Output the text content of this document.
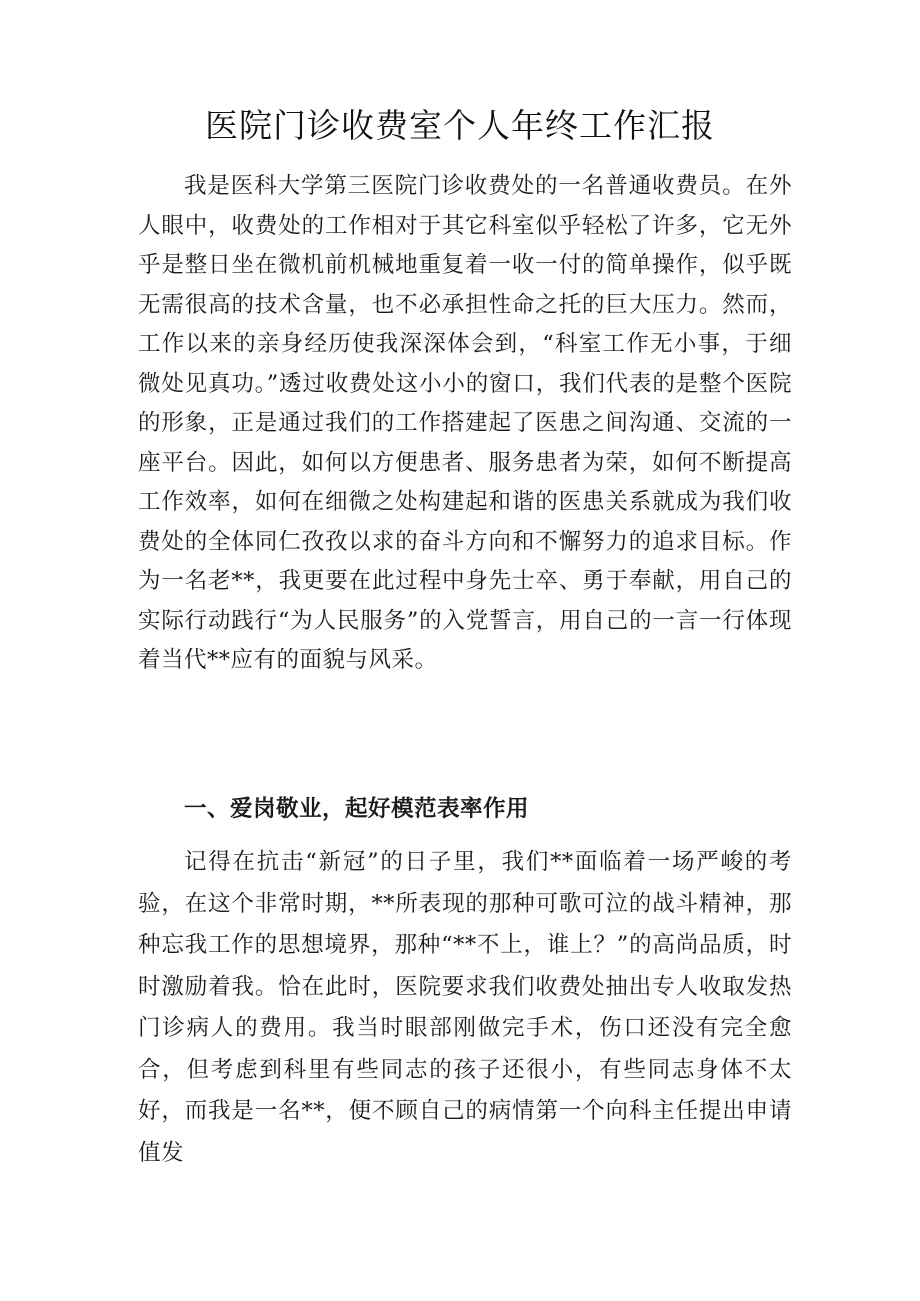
医院门诊收费室个人年终工作汇报

我是医科大学第三医院门诊收费处的一名普通收费员。在外人眼中，收费处的工作相对于其它科室似乎轻松了许多，它无外乎是整日坐在微机前机械地重复着一收一付的简单操作，似乎既无需很高的技术含量，也不必承担性命之托的巨大压力。然而，工作以来的亲身经历使我深深体会到，“科室工作无小事，于细微处见真功。”透过收费处这小小的窗口，我们代表的是整个医院的形象，正是通过我们的工作搭建起了医患之间沟通、交流的一座平台。因此，如何以方便患者、服务患者为荣，如何不断提高工作效率，如何在细微之处构建起和谐的医患关系就成为我们收费处的全体同仁孜孜以求的奋斗方向和不懈努力的追求目标。作为一名老**，我更要在此过程中身先士卒、勇于奉献，用自己的实际行动践行“为人民服务”的入党誓言，用自己的一言一行体现着当代**应有的面貌与风采。

一、爱岗敬业，起好模范表率作用

记得在抗击“新冠”的日子里，我们**面临着一场严峻的考验，在这个非常时期，**所表现的那种可歌可泣的战斗精神，那种忘我工作的思想境界，那种“**不上，谁上？”的高尚品质，时时激励着我。恰在此时，医院要求我们收费处抽出专人收取发热门诊病人的费用。我当时眼部刚做完手术，伤口还没有完全愈合，但考虑到科里有些同志的孩子还很小，有些同志身体不太好，而我是一名**，便不顾自己的病情第一个向科主任提出申请值发
